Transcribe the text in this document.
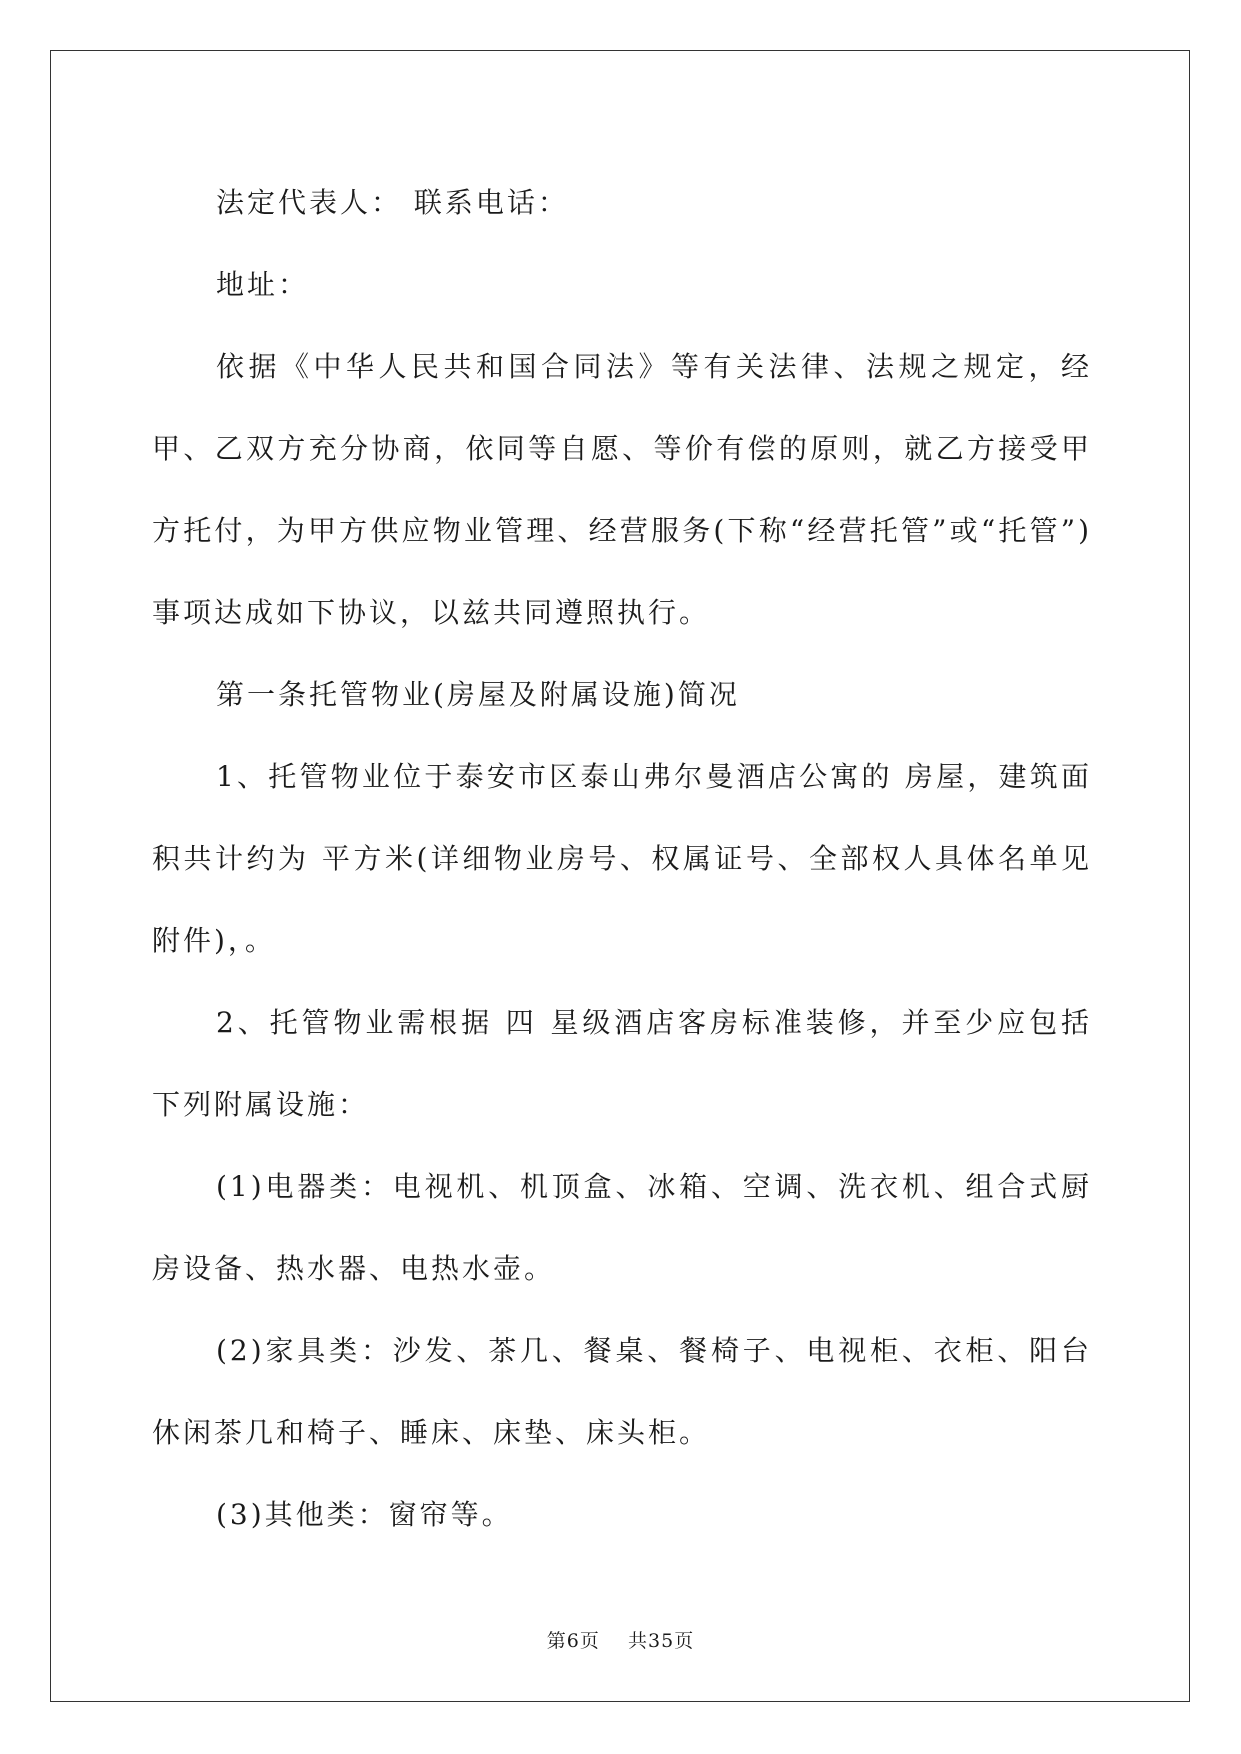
法定代表人： 联系电话：

地址：

依据《中华人民共和国合同法》等有关法律、法规之规定，经甲、乙双方充分协商，依同等自愿、等价有偿的原则，就乙方接受甲方托付，为甲方供应物业管理、经营服务(下称“经营托管”或“托管”)事项达成如下协议，以兹共同遵照执行。

第一条托管物业(房屋及附属设施)简况

1、托管物业位于泰安市区泰山弗尔曼酒店公寓的 房屋，建筑面积共计约为 平方米(详细物业房号、权属证号、全部权人具体名单见附件)，。

2、托管物业需根据 四 星级酒店客房标准装修，并至少应包括下列附属设施：

(1)电器类：电视机、机顶盒、冰箱、空调、洗衣机、组合式厨房设备、热水器、电热水壶。

(2)家具类：沙发、茶几、餐桌、餐椅子、电视柜、衣柜、阳台休闲茶几和椅子、睡床、床垫、床头柜。

(3)其他类：窗帘等。

第6页 共35页
